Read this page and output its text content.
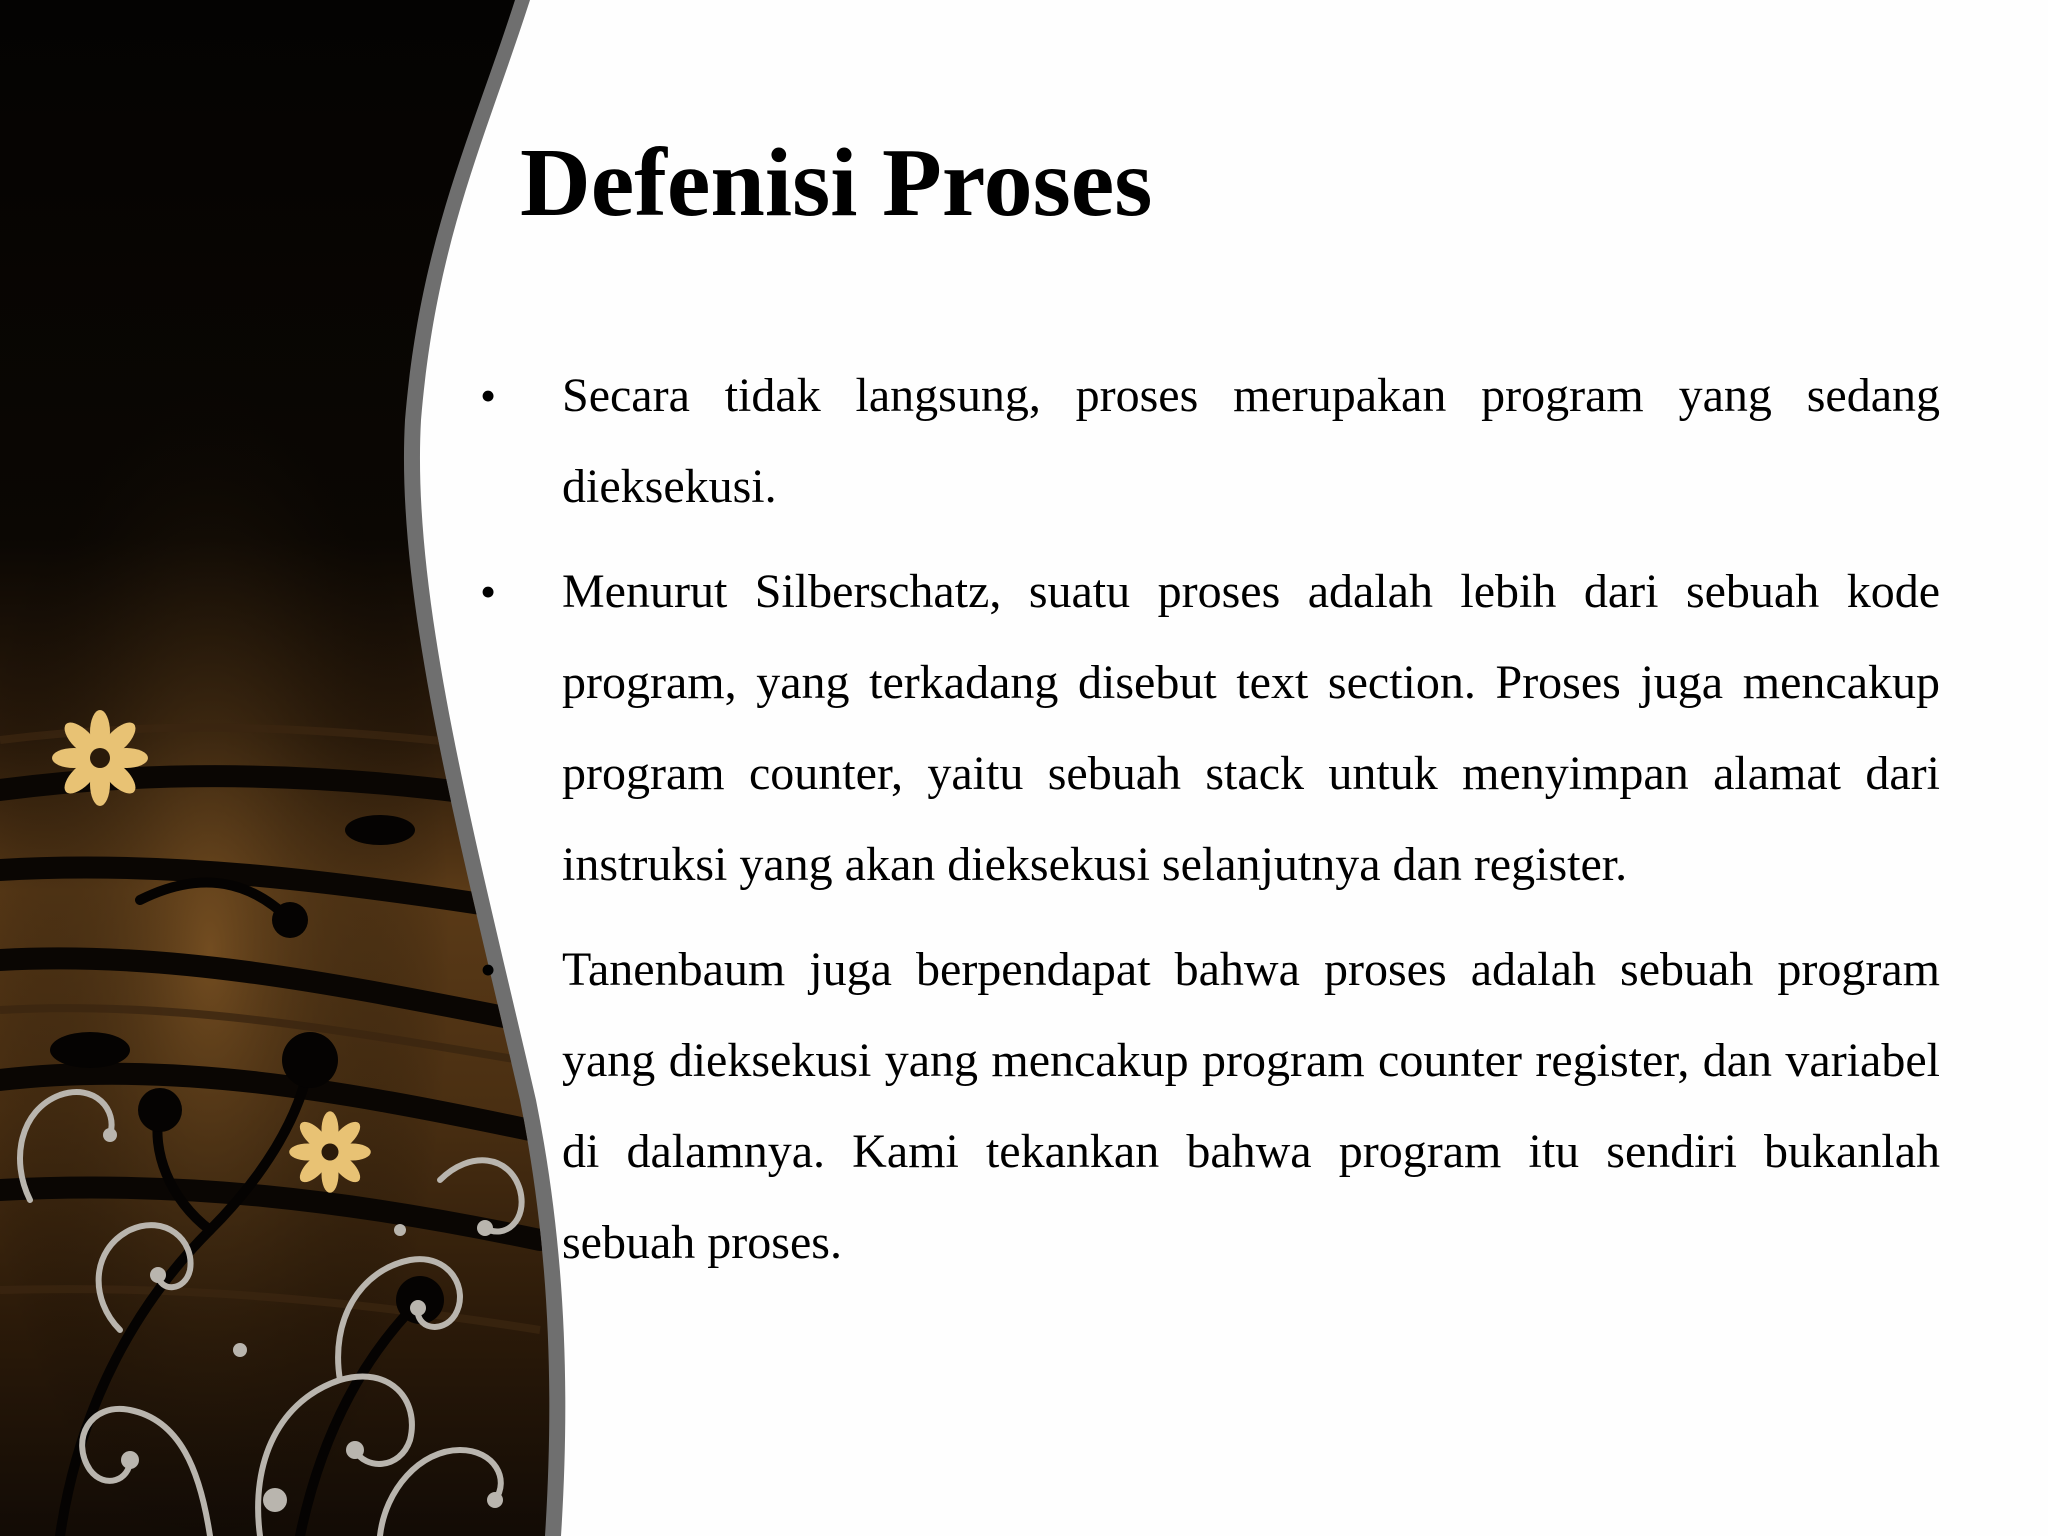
Defenisi Proses
•	Secara tidak langsung, proses merupakan program yang sedang dieksekusi.
•	Menurut Silberschatz, suatu proses adalah lebih dari sebuah kode program, yang terkadang disebut text section. Proses juga mencakup program counter, yaitu sebuah stack untuk menyimpan alamat dari instruksi yang akan dieksekusi selanjutnya dan register.
•	Tanenbaum juga berpendapat bahwa proses adalah sebuah program yang dieksekusi yang mencakup program counter register, dan variabel di dalamnya. Kami tekankan bahwa program itu sendiri bukanlah sebuah proses.
